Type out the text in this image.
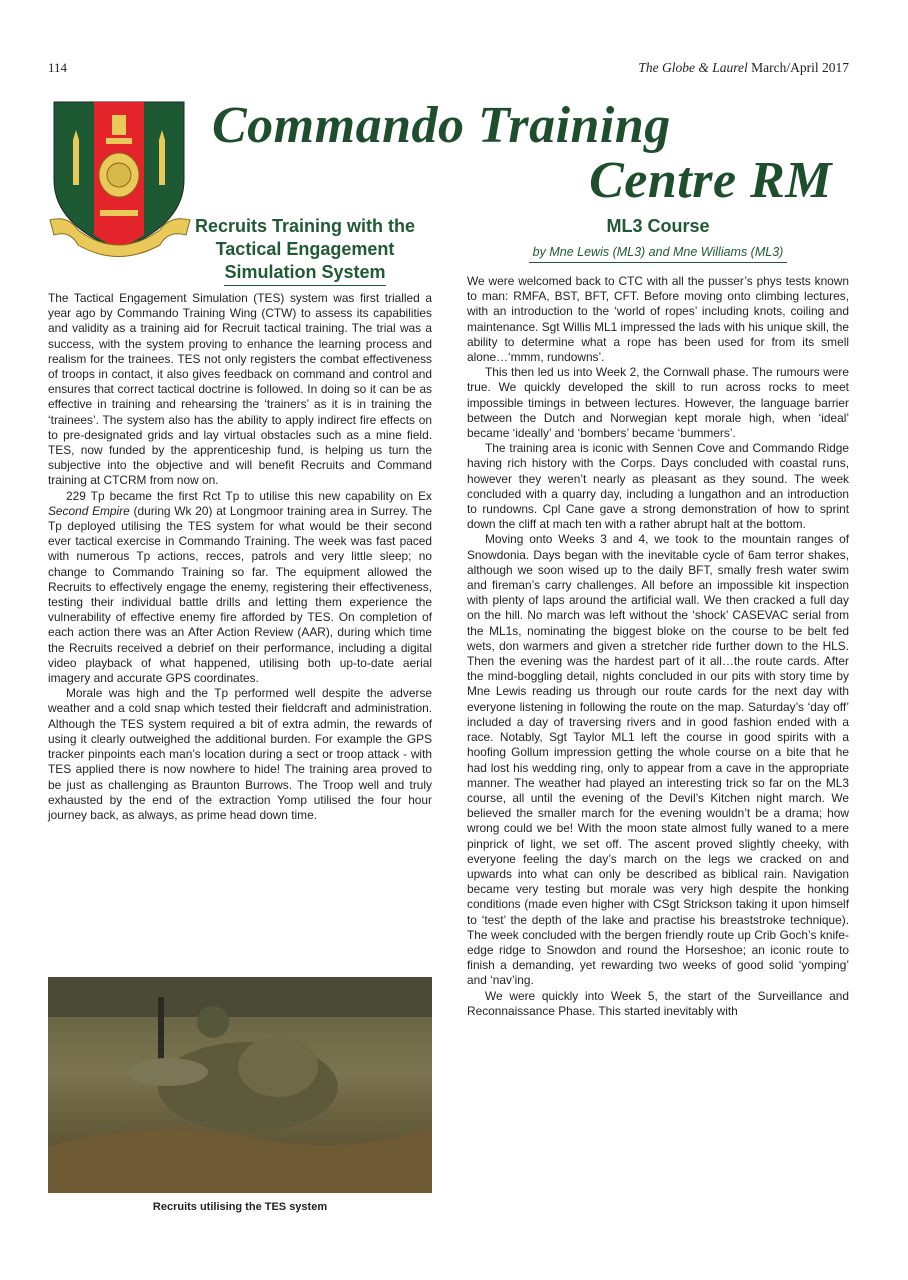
114	The Globe & Laurel March/April 2017
Commando Training
Centre RM
Recruits Training with the
Tactical Engagement
Simulation System
ML3 Course
by Mne Lewis (ML3) and Mne Williams (ML3)

The Tactical Engagement Simulation (TES) system was first trialled a year ago by Commando Training Wing (CTW) to assess its capabilities and validity as a training aid for Recruit tactical training. The trial was a success, with the system proving to enhance the learning process and realism for the trainees. TES not only registers the combat effectiveness of troops in contact, it also gives feedback on command and control and ensures that correct tactical doctrine is followed. In doing so it can be as effective in training and rehearsing the ‘trainers’ as it is in training the ‘trainees’. The system also has the ability to apply indirect fire effects on to pre-designated grids and lay virtual obstacles such as a mine field. TES, now funded by the apprenticeship fund, is helping us turn the subjective into the objective and will benefit Recruits and Command training at CTCRM from now on.

229 Tp became the first Rct Tp to utilise this new capability on Ex Second Empire (during Wk 20) at Longmoor training area in Surrey. The Tp deployed utilising the TES system for what would be their second ever tactical exercise in Commando Training. The week was fast paced with numerous Tp actions, recces, patrols and very little sleep; no change to Commando Training so far. The equipment allowed the Recruits to effectively engage the enemy, registering their effectiveness, testing their individual battle drills and letting them experience the vulnerability of effective enemy fire afforded by TES. On completion of each action there was an After Action Review (AAR), during which time the Recruits received a debrief on their performance, including a digital video playback of what happened, utilising both up-to-date aerial imagery and accurate GPS coordinates.

Morale was high and the Tp performed well despite the adverse weather and a cold snap which tested their fieldcraft and administration. Although the TES system required a bit of extra admin, the rewards of using it clearly outweighed the additional burden. For example the GPS tracker pinpoints each man’s location during a sect or troop attack - with TES applied there is now nowhere to hide! The training area proved to be just as challenging as Braunton Burrows. The Troop well and truly exhausted by the end of the extraction Yomp utilised the four hour journey back, as always, as prime head down time.

Recruits utilising the TES system

We were welcomed back to CTC with all the pusser’s phys tests known to man: RMFA, BST, BFT, CFT. Before moving onto climbing lectures, with an introduction to the ‘world of ropes’ including knots, coiling and maintenance. Sgt Willis ML1 impressed the lads with his unique skill, the ability to determine what a rope has been used for from its smell alone…‘mmm, rundowns’.

This then led us into Week 2, the Cornwall phase. The rumours were true. We quickly developed the skill to run across rocks to meet impossible timings in between lectures. However, the language barrier between the Dutch and Norwegian kept morale high, when ‘ideal’ became ‘ideally’ and ‘bombers’ became ‘bummers’.

The training area is iconic with Sennen Cove and Commando Ridge having rich history with the Corps. Days concluded with coastal runs, however they weren’t nearly as pleasant as they sound. The week concluded with a quarry day, including a lungathon and an introduction to rundowns. Cpl Cane gave a strong demonstration of how to sprint down the cliff at mach ten with a rather abrupt halt at the bottom.

Moving onto Weeks 3 and 4, we took to the mountain ranges of Snowdonia. Days began with the inevitable cycle of 6am terror shakes, although we soon wised up to the daily BFT, smally fresh water swim and fireman’s carry challenges. All before an impossible kit inspection with plenty of laps around the artificial wall. We then cracked a full day on the hill. No march was left without the ‘shock’ CASEVAC serial from the ML1s, nominating the biggest bloke on the course to be belt fed wets, don warmers and given a stretcher ride further down to the HLS. Then the evening was the hardest part of it all…the route cards. After the mind-boggling detail, nights concluded in our pits with story time by Mne Lewis reading us through our route cards for the next day with everyone listening in following the route on the map. Saturday’s ‘day off’ included a day of traversing rivers and in good fashion ended with a race. Notably, Sgt Taylor ML1 left the course in good spirits with a hoofing Gollum impression getting the whole course on a bite that he had lost his wedding ring, only to appear from a cave in the appropriate manner. The weather had played an interesting trick so far on the ML3 course, all until the evening of the Devil’s Kitchen night march. We believed the smaller march for the evening wouldn’t be a drama; how wrong could we be! With the moon state almost fully waned to a mere pinprick of light, we set off. The ascent proved slightly cheeky, with everyone feeling the day’s march on the legs we cracked on and upwards into what can only be described as biblical rain. Navigation became very testing but morale was very high despite the honking conditions (made even higher with CSgt Strickson taking it upon himself to ‘test’ the depth of the lake and practise his breaststroke technique). The week concluded with the bergen friendly route up Crib Goch’s knife-edge ridge to Snowdon and round the Horseshoe; an iconic route to finish a demanding, yet rewarding two weeks of good solid ‘yomping’ and ‘nav’ing.

We were quickly into Week 5, the start of the Surveillance and Reconnaissance Phase. This started inevitably with
